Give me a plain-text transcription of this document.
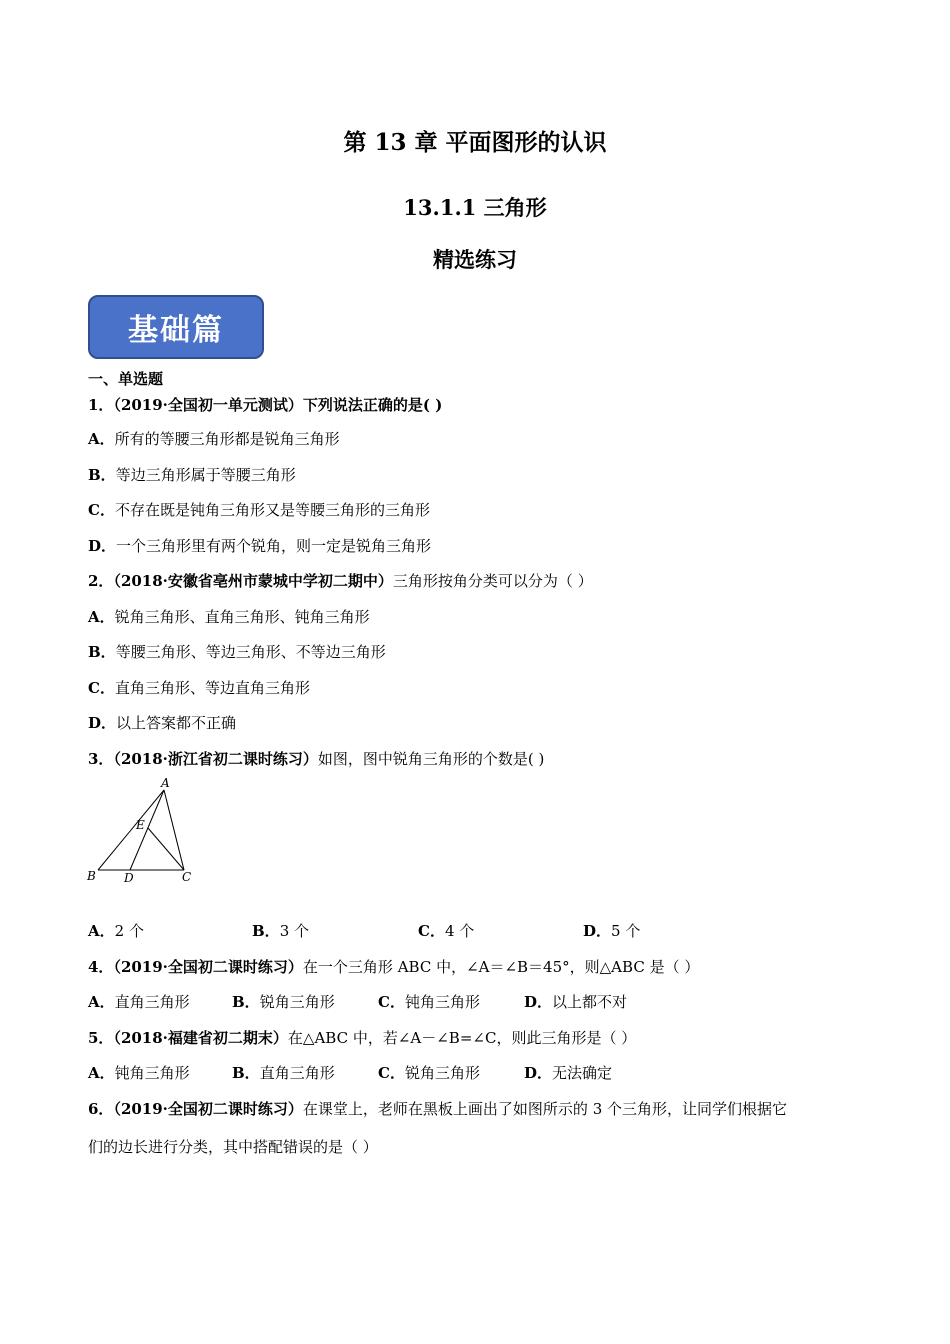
第 13 章 平面图形的认识
13.1.1 三角形
精选练习
基础篇
一、单选题
1．（2019·全国初一单元测试）下列说法正确的是( )
A．所有的等腰三角形都是锐角三角形
B．等边三角形属于等腰三角形
C．不存在既是钝角三角形又是等腰三角形的三角形
D．一个三角形里有两个锐角，则一定是锐角三角形
2．（2018·安徽省亳州市蒙城中学初二期中）三角形按角分类可以分为（ ）
A．锐角三角形、直角三角形、钝角三角形
B．等腰三角形、等边三角形、不等边三角形
C．直角三角形、等边直角三角形
D．以上答案都不正确
3．（2018·浙江省初二课时练习）如图，图中锐角三角形的个数是( )
A
B	C
D
E
A．2 个	B．3 个	C．4 个	D．5 个
4．（2019·全国初二课时练习）在一个三角形 ABC 中，∠A＝∠B＝45°，则△ABC 是（ ）
A．直角三角形	B．锐角三角形	C．钝角三角形	D．以上都不对
5．（2018·福建省初二期末）在△ABC 中，若∠A－∠B=∠C，则此三角形是（ ）
A．钝角三角形	B．直角三角形	C．锐角三角形	D．无法确定
6．（2019·全国初二课时练习）在课堂上，老师在黑板上画出了如图所示的 3 个三角形，让同学们根据它
们的边长进行分类，其中搭配错误的是（ ）
